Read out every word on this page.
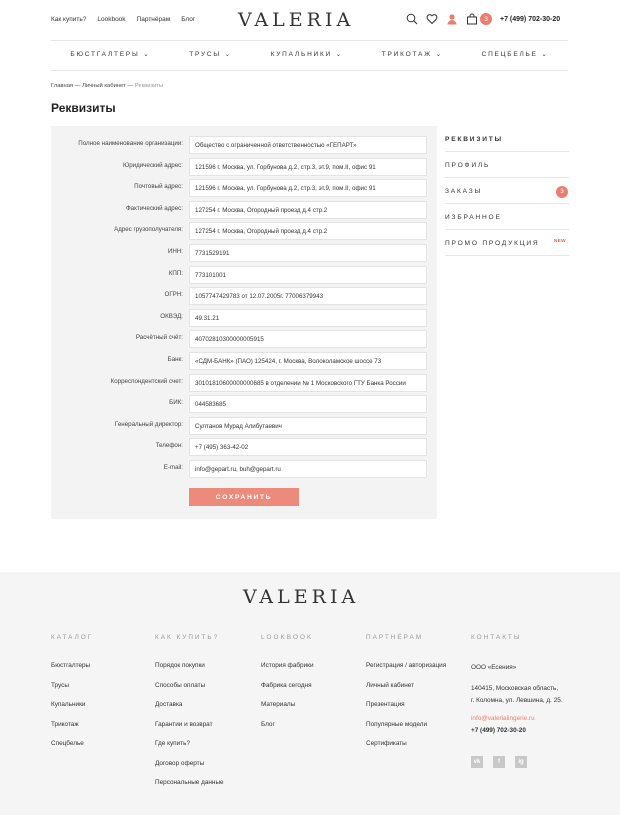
Как купить? Lookbook Партнёрам Блог VALERIA	3	+7 (499) 702-30-20
БЮСТГАЛТЕРЫ ⌄	ТРУСЫ ⌄	КУПАЛЬНИКИ ⌄	ТРИКОТАЖ ⌄	СПЕЦБЕЛЬЕ ⌄
Главная — Личный кабинет — Реквизиты
Реквизиты
Полное наименование организации:	Общество с ограниченной ответственностью «ГЕПАРТ»
Юридический адрес:	121596 г. Москва, ул. Горбунова д.2, стр.3, эт.9, пом.II, офис 91
Почтовый адрес:	121596 г. Москва, ул. Горбунова д.2, стр.3, эт.9, пом.II, офис 91
Фактический адрес:	127254 г. Москва, Огородный проезд д.4 стр.2
Адрес грузополучателя:	127254 г. Москва, Огородный проезд д.4 стр.2
ИНН:	7731529191
КПП:	773101001
ОГРН:	1057747429783 от 12.07.2005г. 77006379943
ОКВЭД:	49.31.21
Расчётный счёт:	40702810300000005915
Банк:	«СДМ-БАНК» (ПАО) 125424, г. Москва, Волоколамское шоссе 73
Корреспондентский счет:	30101810600000000685 в отделении № 1 Московского ГТУ Банка России
БИК:	044583685
Генеральный директор:	Султанов Мурад Алибутаевич
Телефон:	+7 (495) 363-42-02
E-mail:	info@gepart.ru, buh@gepart.ru
СОХРАНИТЬ
РЕКВИЗИТЫ
ПРОФИЛЬ
ЗАКАЗЫ	3
ИЗБРАННОЕ
ПРОМО ПРОДУКЦИЯ	NEW
VALERIA
КАТАЛОГ
Бюстгалтеры
Трусы
Купальники
Трикотаж
Спецбелье
КАК КУПИТЬ?
Порядок покупки
Способы оплаты
Доставка
Гарантии и возврат
Где купить?
Договор оферты
Персональные данные
LOOKBOOK
История фабрики
Фабрика сегодня
Материалы
Блог
ПАРТНЁРАМ
Регистрация / авторизация
Личный кабинет
Презентация
Популярные модели
Сертификаты
КОНТАКТЫ
ООО «Есения»
140415, Московская область,
г. Коломна, ул. Левшина, д. 25.
info@valerialingerie.ru
+7 (499) 702-30-20
vk	f	ig
